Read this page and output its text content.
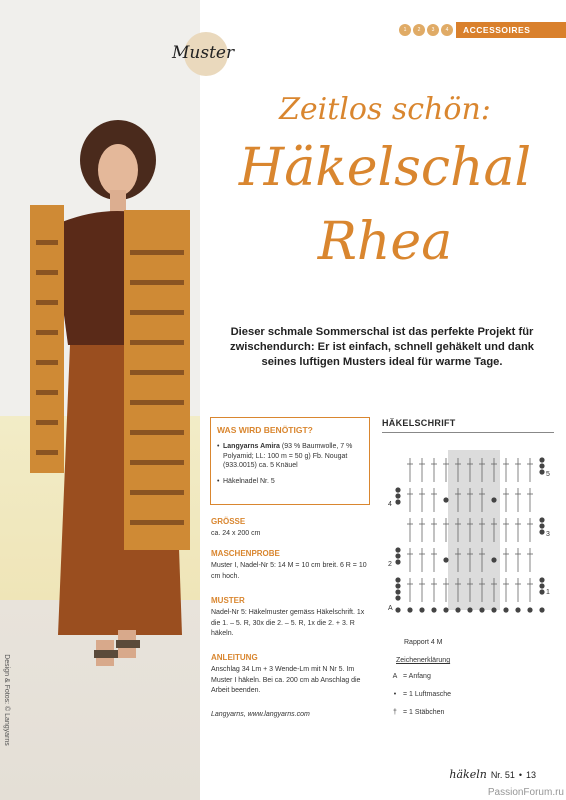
Design & Fotos: © Langyarns
1	2	3	4	ACCESSOIRES
Muster
Zeitlos schön:
Häkelschal
Rhea

Dieser schmale Sommerschal ist das perfekte Projekt für zwischendurch: Er ist einfach, schnell gehäkelt und dank seines luftigen Musters ideal für warme Tage.

WAS WIRD BENÖTIGT?
• Langyarns Amira (93 % Baumwolle, 7 % Polyamid; LL: 100 m = 50 g) Fb. Nougat (933.0015) ca. 5 Knäuel
• Häkelnadel Nr. 5
GRÖSSE
ca. 24 x 200 cm
MASCHENPROBE
Muster I, Nadel-Nr 5: 14 M = 10 cm breit. 6 R = 10 cm hoch.
MUSTER
Nadel-Nr 5: Häkelmuster gemäss Häkelschrift. 1x die 1. – 5. R, 30x die 2. – 5. R, 1x die 2. + 3. R häkeln.
ANLEITUNG
Anschlag 34 Lm + 3 Wende-Lm mit N Nr 5. Im Muster I häkeln. Bei ca. 200 cm ab Anschlag die Arbeit beenden.
Langyarns, www.langyarns.com
HÄKELSCHRIFT
A
1
2
3
4
5
Rapport 4 M
Zeichenerklärung
A = Anfang
• = 1 Luftmasche
† = 1 Stäbchen
häkeln Nr. 51 • 13
PassionForum.ru
